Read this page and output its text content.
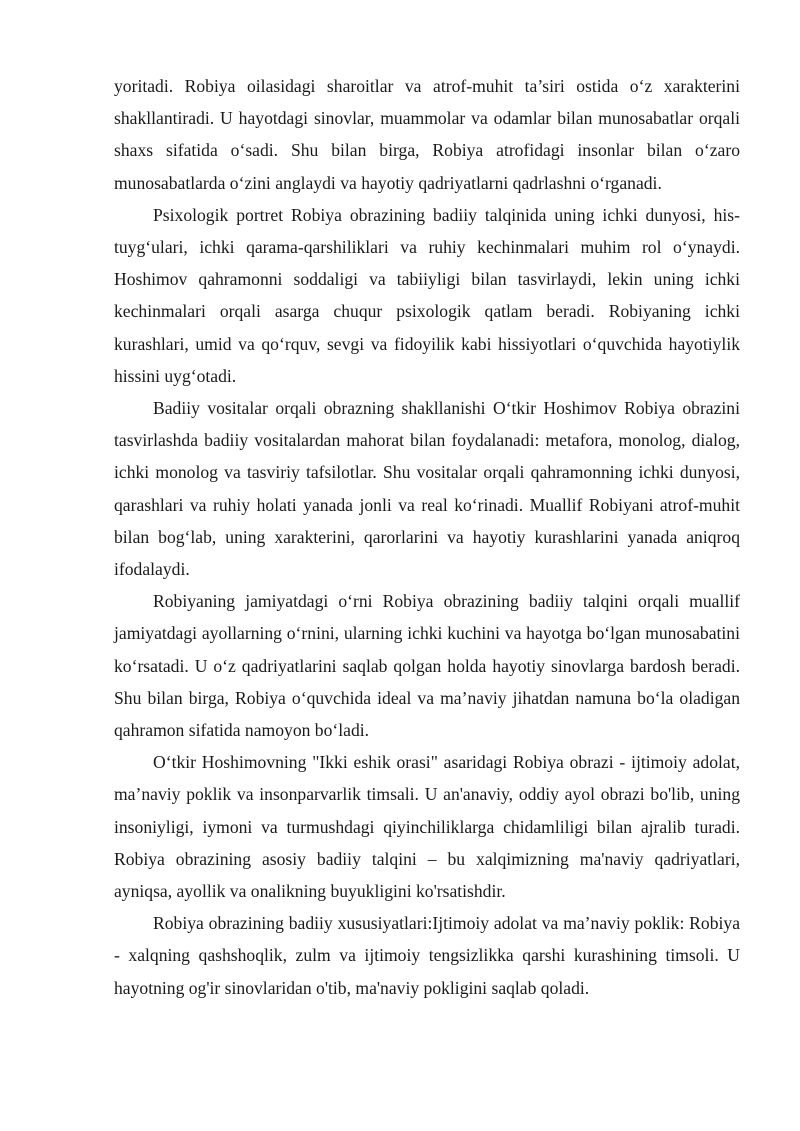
yoritadi. Robiya oilasidagi sharoitlar va atrof-muhit ta’siri ostida o‘z xarakterini shakllantiradi. U hayotdagi sinovlar, muammolar va odamlar bilan munosabatlar orqali shaxs sifatida o‘sadi. Shu bilan birga, Robiya atrofidagi insonlar bilan o‘zaro munosabatlarda o‘zini anglaydi va hayotiy qadriyatlarni qadrlashni o‘rganadi.

Psixologik portret Robiya obrazining badiiy talqinida uning ichki dunyosi, his-tuyg‘ulari, ichki qarama-qarshiliklari va ruhiy kechinmalari muhim rol o‘ynaydi. Hoshimov qahramonni soddaligi va tabiiyligi bilan tasvirlaydi, lekin uning ichki kechinmalari orqali asarga chuqur psixologik qatlam beradi. Robiyaning ichki kurashlari, umid va qo‘rquv, sevgi va fidoyilik kabi hissiyotlari o‘quvchida hayotiylik hissini uyg‘otadi.

Badiiy vositalar orqali obrazning shakllanishi O‘tkir Hoshimov Robiya obrazini tasvirlashda badiiy vositalardan mahorat bilan foydalanadi: metafora, monolog, dialog, ichki monolog va tasviriy tafsilotlar. Shu vositalar orqali qahramonning ichki dunyosi, qarashlari va ruhiy holati yanada jonli va real ko‘rinadi. Muallif Robiyani atrof-muhit bilan bog‘lab, uning xarakterini, qarorlarini va hayotiy kurashlarini yanada aniqroq ifodalaydi.

Robiyaning jamiyatdagi o‘rni Robiya obrazining badiiy talqini orqali muallif jamiyatdagi ayollarning o‘rnini, ularning ichki kuchini va hayotga bo‘lgan munosabatini ko‘rsatadi. U o‘z qadriyatlarini saqlab qolgan holda hayotiy sinovlarga bardosh beradi. Shu bilan birga, Robiya o‘quvchida ideal va ma’naviy jihatdan namuna bo‘la oladigan qahramon sifatida namoyon bo‘ladi.

O‘tkir Hoshimovning "Ikki eshik orasi" asaridagi Robiya obrazi - ijtimoiy adolat, ma’naviy poklik va insonparvarlik timsali. U an'anaviy, oddiy ayol obrazi bo'lib, uning insoniyligi, iymoni va turmushdagi qiyinchiliklarga chidamliligi bilan ajralib turadi. Robiya obrazining asosiy badiiy talqini – bu xalqimizning ma'naviy qadriyatlari, ayniqsa, ayollik va onalikning buyukligini ko'rsatishdir.

Robiya obrazining badiiy xususiyatlari:Ijtimoiy adolat va ma’naviy poklik: Robiya - xalqning qashshoqlik, zulm va ijtimoiy tengsizlikka qarshi kurashining timsoli. U hayotning og'ir sinovlaridan o'tib, ma'naviy pokligini saqlab qoladi.
